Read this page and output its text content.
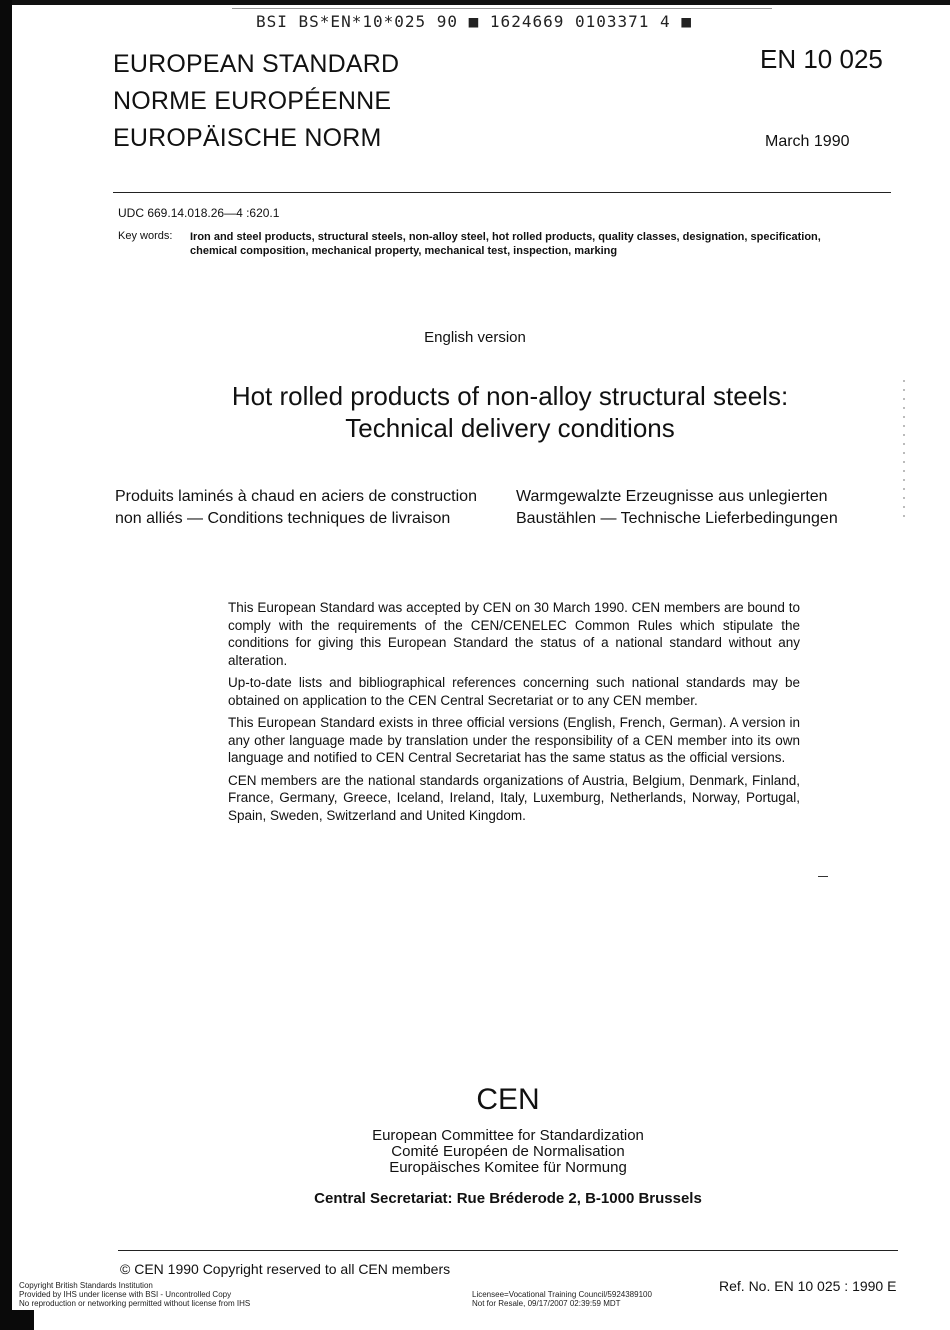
BSI BS*EN*10*025 90 ■ 1624669 0103371 4 ■
EUROPEAN STANDARD
NORME EUROPÉENNE
EUROPÄISCHE NORM
EN 10 025
March 1990
UDC 669.14.018.26—4 :620.1
Key words: Iron and steel products, structural steels, non-alloy steel, hot rolled products, quality classes, designation, specification, chemical composition, mechanical property, mechanical test, inspection, marking
English version
Hot rolled products of non-alloy structural steels:
Technical delivery conditions
Produits laminés à chaud en aciers de construction
non alliés — Conditions techniques de livraison
Warmgewalzte Erzeugnisse aus unlegierten
Baustählen — Technische Lieferbedingungen

This European Standard was accepted by CEN on 30 March 1990. CEN members are bound to comply with the requirements of the CEN/CENELEC Common Rules which stipulate the conditions for giving this European Standard the status of a national standard without any alteration.

Up-to-date lists and bibliographical references concerning such national standards may be obtained on application to the CEN Central Secretariat or to any CEN member.

This European Standard exists in three official versions (English, French, German). A version in any other language made by translation under the responsibility of a CEN member into its own language and notified to CEN Central Secretariat has the same status as the official versions.

CEN members are the national standards organizations of Austria, Belgium, Denmark, Finland, France, Germany, Greece, Iceland, Ireland, Italy, Luxemburg, Netherlands, Norway, Portugal, Spain, Sweden, Switzerland and United Kingdom.

CEN
European Committee for Standardization
Comité Européen de Normalisation
Europäisches Komitee für Normung
Central Secretariat: Rue Bréderode 2, B-1000 Brussels
© CEN 1990 Copyright reserved to all CEN members
Ref. No. EN 10 025 : 1990 E
Copyright British Standards Institution
Provided by IHS under license with BSI - Uncontrolled Copy
No reproduction or networking permitted without license from IHS
Licensee=Vocational Training Council/5924389100
Not for Resale, 09/17/2007 02:39:59 MDT
